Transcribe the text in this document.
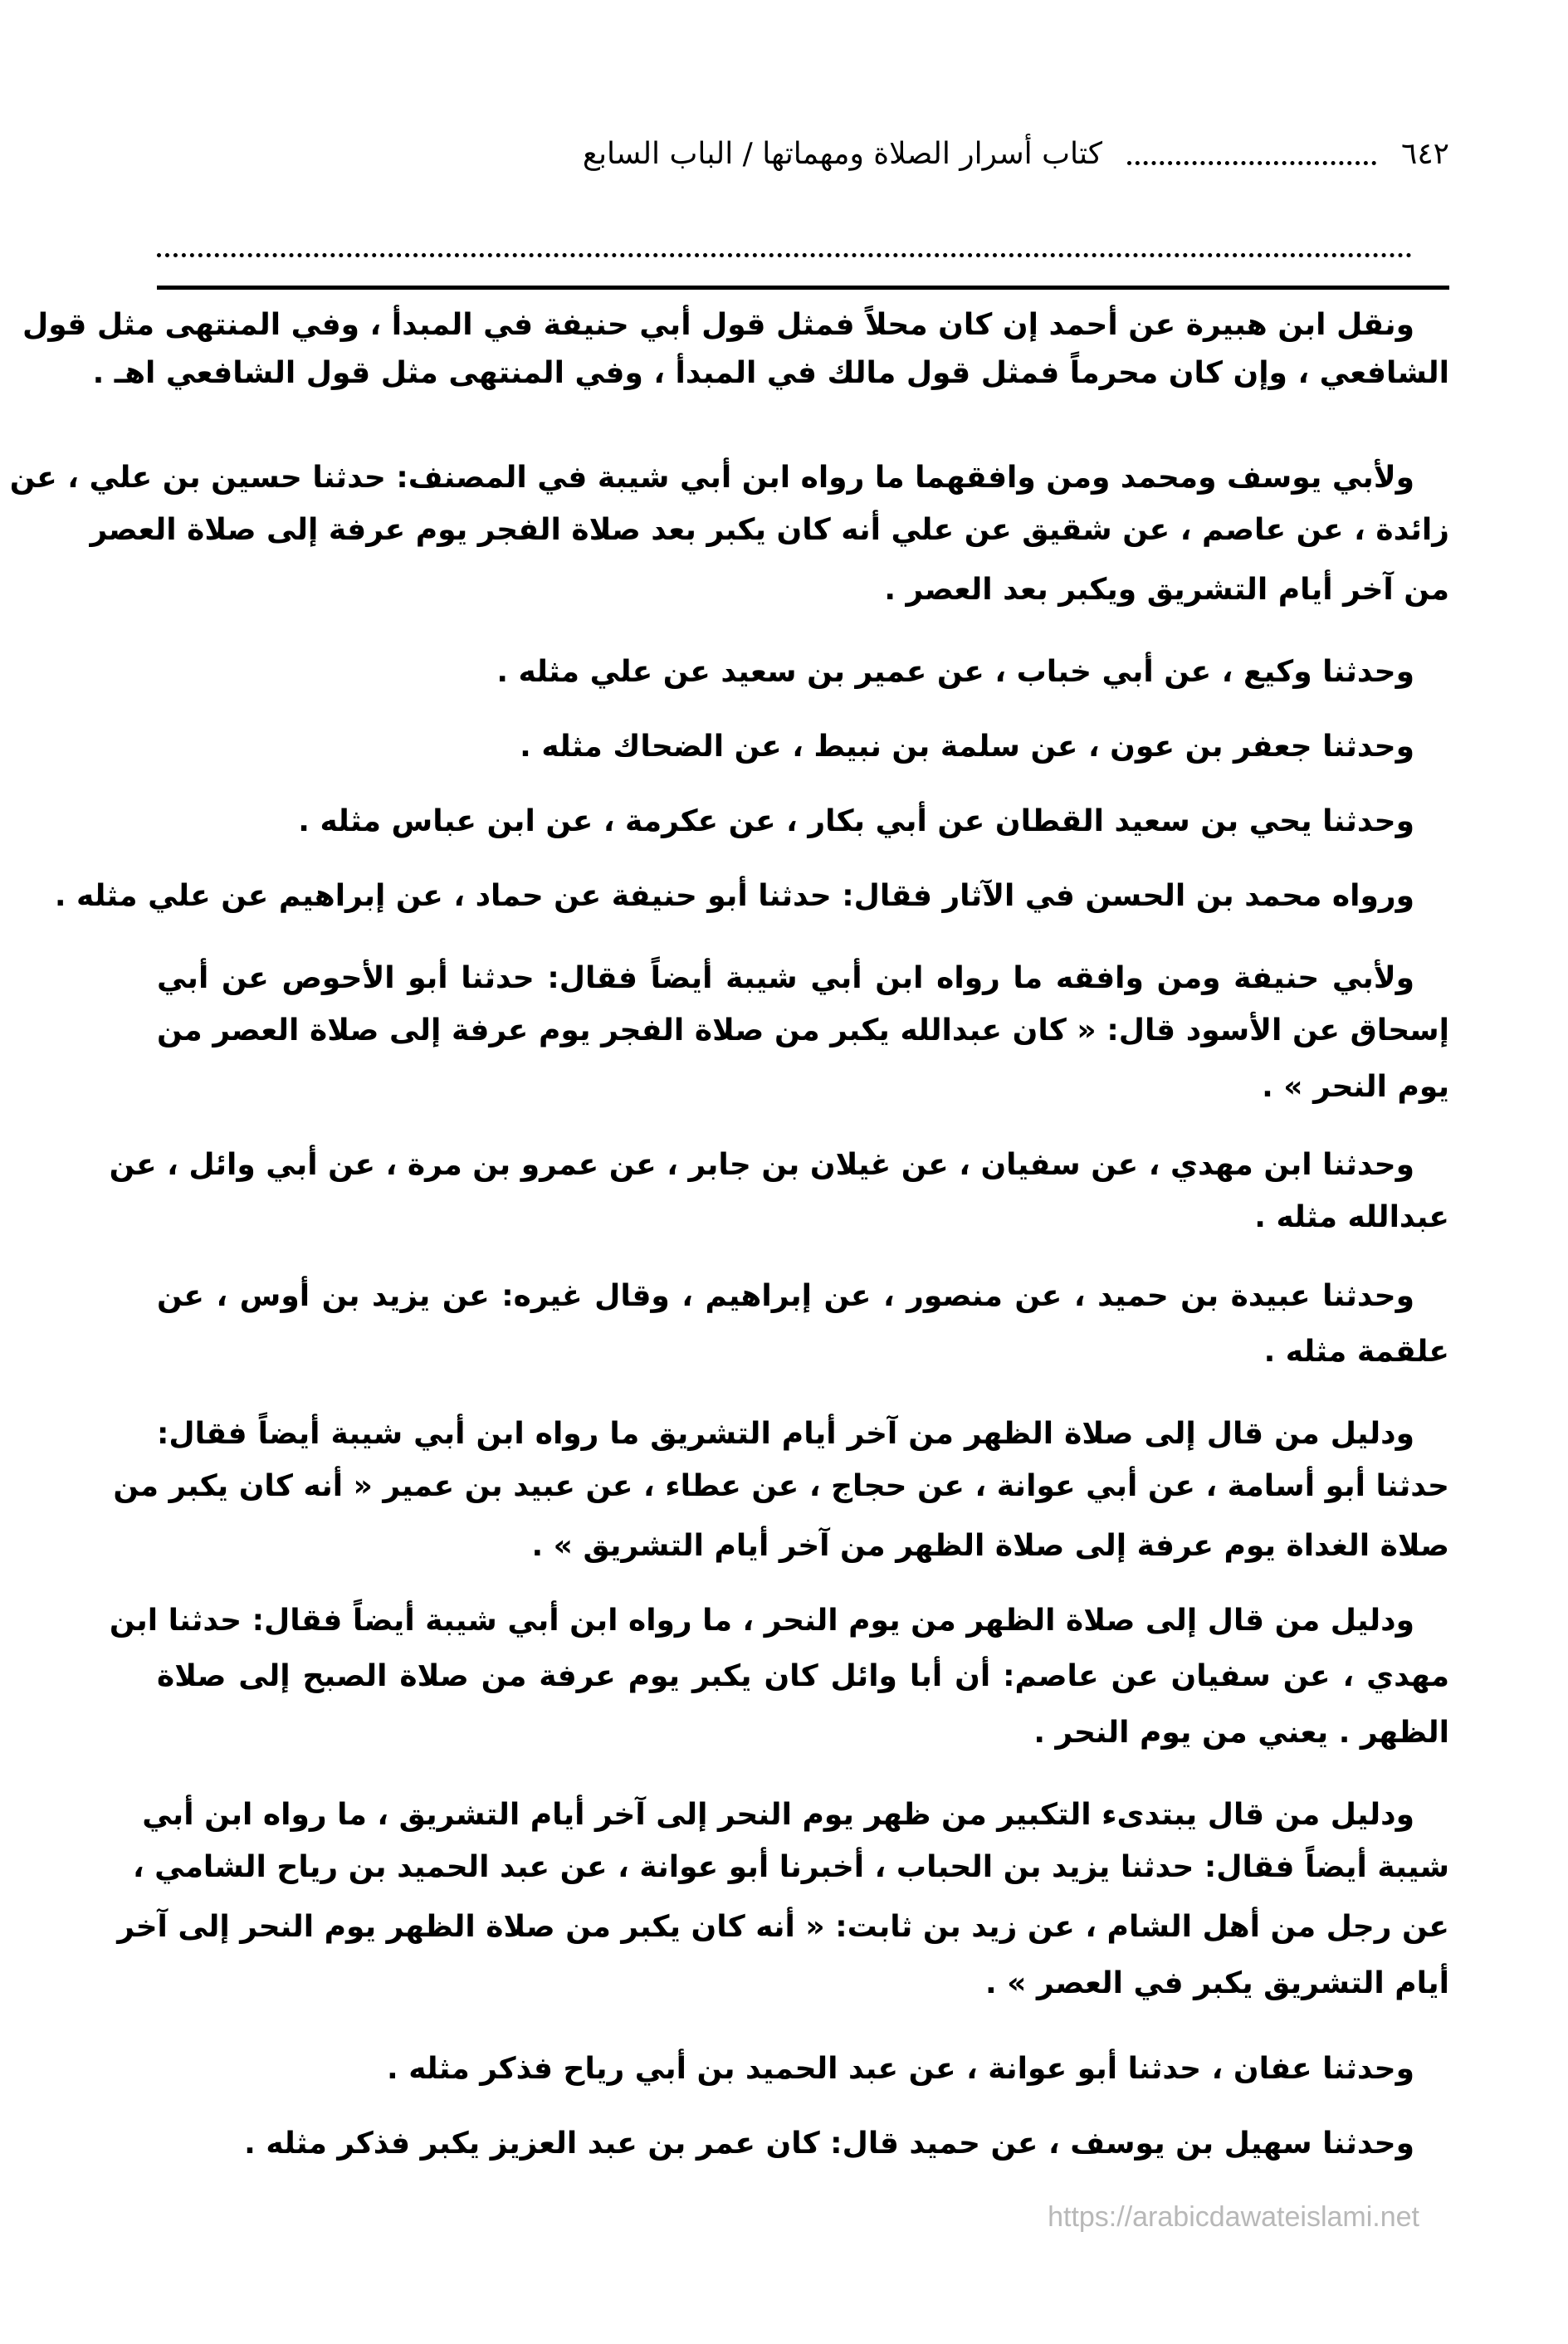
٦٤٢
كتاب أسرار الصلاة ومهماتها / الباب السابع
ونقل ابن هبيرة عن أحمد إن كان محلاً فمثل قول أبي حنيفة في المبدأ ، وفي المنتهى مثل قول
الشافعي ، وإن كان محرماً فمثل قول مالك في المبدأ ، وفي المنتهى مثل قول الشافعي اهـ .
ولأبي يوسف ومحمد ومن وافقهما ما رواه ابن أبي شيبة في المصنف: حدثنا حسين بن علي ، عن
زائدة ، عن عاصم ، عن شقيق عن علي أنه كان يكبر بعد صلاة الفجر يوم عرفة إلى صلاة العصر
من آخر أيام التشريق ويكبر بعد العصر .
وحدثنا وكيع ، عن أبي خباب ، عن عمير بن سعيد عن علي مثله .
وحدثنا جعفر بن عون ، عن سلمة بن نبيط ، عن الضحاك مثله .
وحدثنا يحي بن سعيد القطان عن أبي بكار ، عن عكرمة ، عن ابن عباس مثله .
ورواه محمد بن الحسن في الآثار فقال: حدثنا أبو حنيفة عن حماد ، عن إبراهيم عن علي مثله .
ولأبي حنيفة ومن وافقه ما رواه ابن أبي شيبة أيضاً فقال: حدثنا أبو الأحوص عن أبي
إسحاق عن الأسود قال: « كان عبدالله يكبر من صلاة الفجر يوم عرفة إلى صلاة العصر من
يوم النحر » .
وحدثنا ابن مهدي ، عن سفيان ، عن غيلان بن جابر ، عن عمرو بن مرة ، عن أبي وائل ، عن
عبدالله مثله .
وحدثنا عبيدة بن حميد ، عن منصور ، عن إبراهيم ، وقال غيره: عن يزيد بن أوس ، عن
علقمة مثله .
ودليل من قال إلى صلاة الظهر من آخر أيام التشريق ما رواه ابن أبي شيبة أيضاً فقال:
حدثنا أبو أسامة ، عن أبي عوانة ، عن حجاج ، عن عطاء ، عن عبيد بن عمير « أنه كان يكبر من
صلاة الغداة يوم عرفة إلى صلاة الظهر من آخر أيام التشريق » .
ودليل من قال إلى صلاة الظهر من يوم النحر ، ما رواه ابن أبي شيبة أيضاً فقال: حدثنا ابن
مهدي ، عن سفيان عن عاصم: أن أبا وائل كان يكبر يوم عرفة من صلاة الصبح إلى صلاة
الظهر . يعني من يوم النحر .
ودليل من قال يبتدىء التكبير من ظهر يوم النحر إلى آخر أيام التشريق ، ما رواه ابن أبي
شيبة أيضاً فقال: حدثنا يزيد بن الحباب ، أخبرنا أبو عوانة ، عن عبد الحميد بن رياح الشامي ،
عن رجل من أهل الشام ، عن زيد بن ثابت: « أنه كان يكبر من صلاة الظهر يوم النحر إلى آخر
أيام التشريق يكبر في العصر » .
وحدثنا عفان ، حدثنا أبو عوانة ، عن عبد الحميد بن أبي رياح فذكر مثله .
وحدثنا سهيل بن يوسف ، عن حميد قال: كان عمر بن عبد العزيز يكبر فذكر مثله .
https://arabicdawateislami.net
